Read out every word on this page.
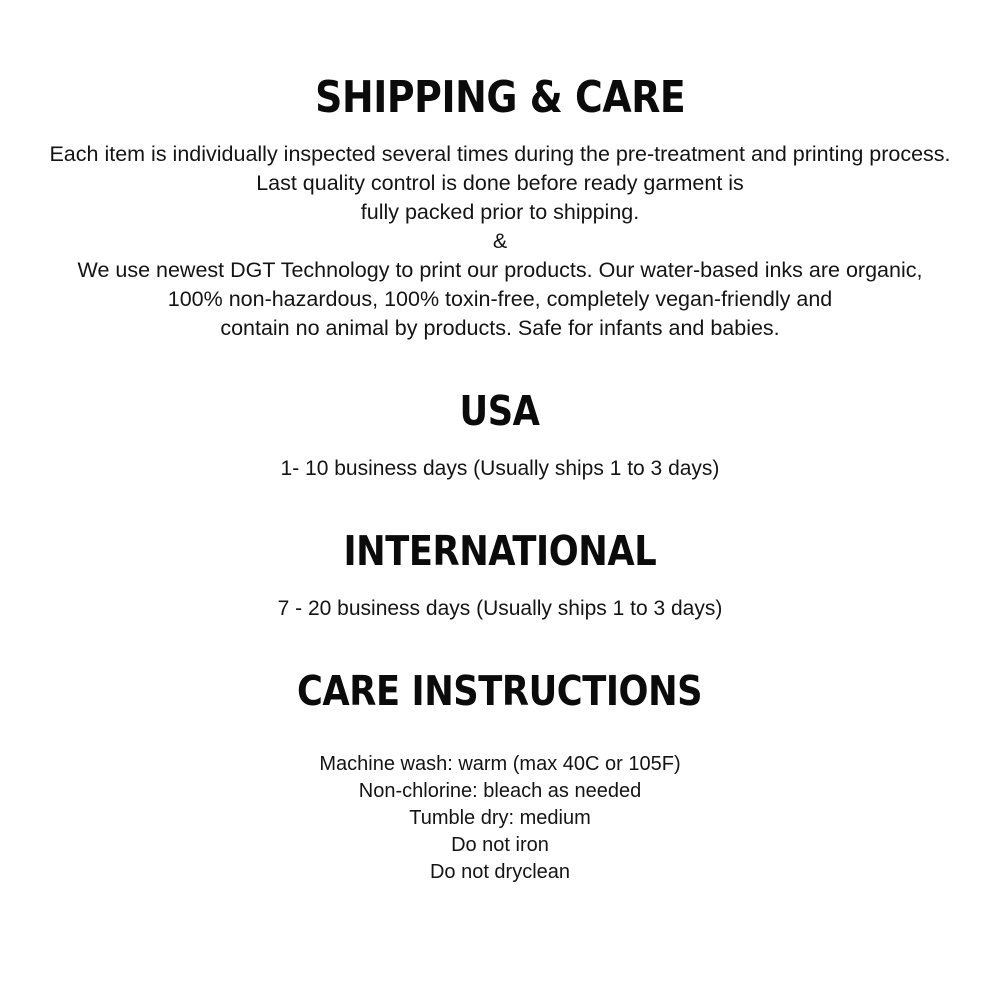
SHIPPING & CARE

Each item is individually inspected several times during the pre-treatment and printing process.

Last quality control is done before ready garment is

fully packed prior to shipping.

&

We use newest DGT Technology to print our products. Our water-based inks are organic,

100% non-hazardous, 100% toxin-free, completely vegan-friendly and

contain no animal by products. Safe for infants and babies.

USA
1- 10 business days (Usually ships 1 to 3 days)
INTERNATIONAL
7 - 20 business days (Usually ships 1 to 3 days)
CARE INSTRUCTIONS
Machine wash: warm (max 40C or 105F)
Non-chlorine: bleach as needed
Tumble dry: medium
Do not iron
Do not dryclean
